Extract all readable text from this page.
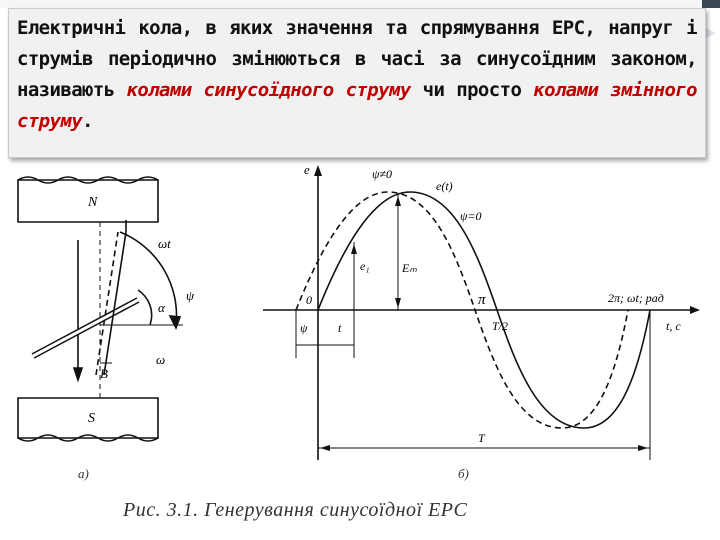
Електричні кола, в яких значення та спрямування ЕРС, напруг і струмів періодично змінюються в часі за синусоїдним законом, називають колами синусоїдного струму чи просто колами змінного струму.

N
S
ωt
ψ
α
ω
B
а)
e	ψ≠0
e(t)
ψ=0
e₁	Eₘ
0	π	2π; ωt; рад
T/2	t, c
ψ	t
T
б)
Рис. 3.1. Генерування синусоїдної ЕРС
